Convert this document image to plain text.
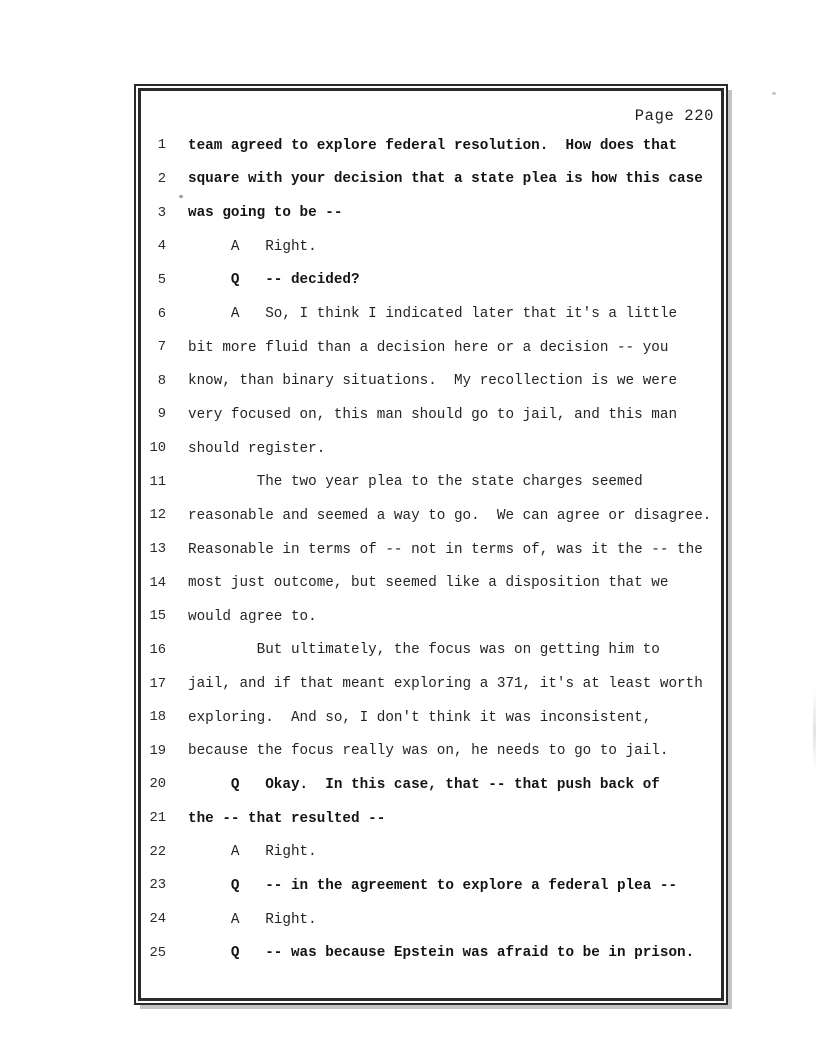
Page 220
1	team agreed to explore federal resolution.  How does that
2	square with your decision that a state plea is how this case
3	was going to be --
4	A   Right.
5	Q   -- decided?
6	A   So, I think I indicated later that it's a little
7	bit more fluid than a decision here or a decision -- you
8	know, than binary situations.  My recollection is we were
9	very focused on, this man should go to jail, and this man
10	should register.
11	The two year plea to the state charges seemed
12	reasonable and seemed a way to go.  We can agree or disagree.
13	Reasonable in terms of -- not in terms of, was it the -- the
14	most just outcome, but seemed like a disposition that we
15	would agree to.
16	But ultimately, the focus was on getting him to
17	jail, and if that meant exploring a 371, it's at least worth
18	exploring.  And so, I don't think it was inconsistent,
19	because the focus really was on, he needs to go to jail.
20	Q   Okay.  In this case, that -- that push back of
21	the -- that resulted --
22	A   Right.
23	Q   -- in the agreement to explore a federal plea --
24	A   Right.
25	Q   -- was because Epstein was afraid to be in prison.
